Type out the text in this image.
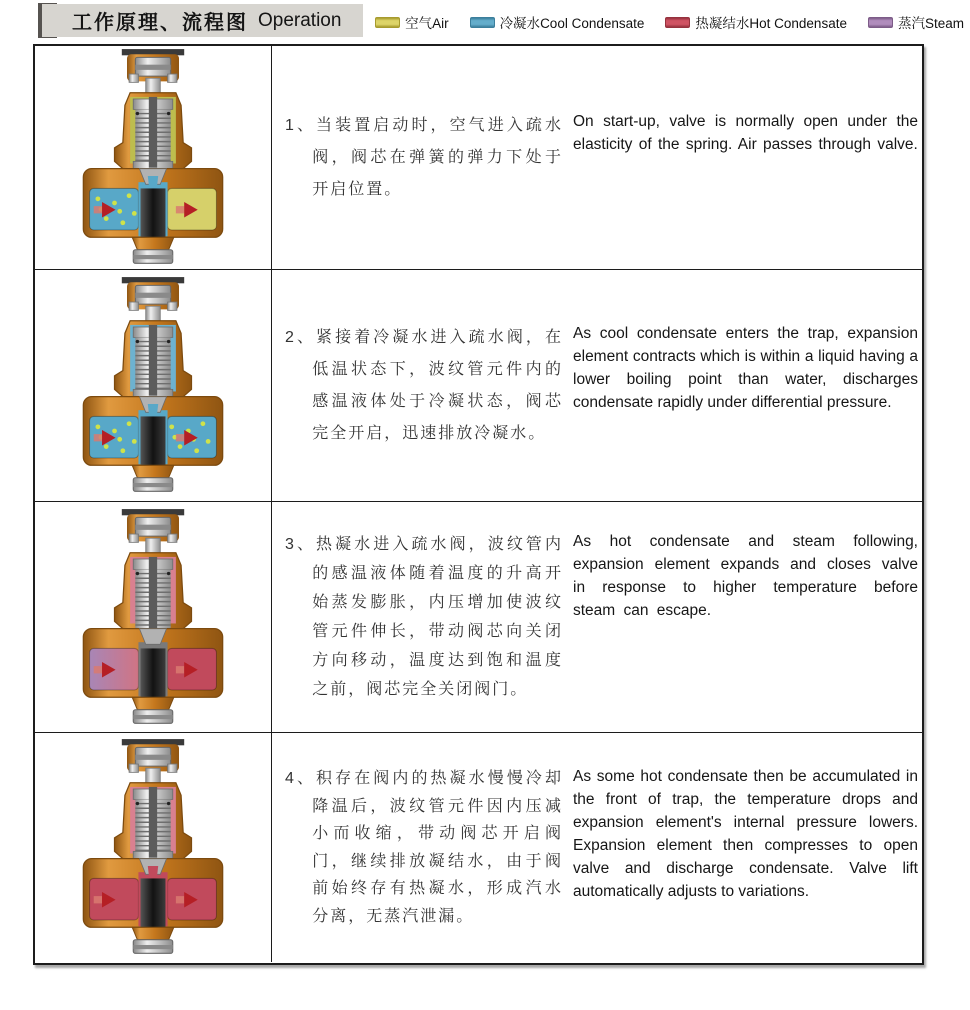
工作原理、流程图 Operation	空气Air	冷凝水Cool Condensate	热凝结水Hot Condensate	蒸汽Steam

1、当装置启动时，空气进入疏水阀，阀芯在弹簧的弹力下处于开启位置。

On start-up, valve is normally open under the elasticity of the spring. Air passes through valve.

2、紧接着冷凝水进入疏水阀，在低温状态下，波纹管元件内的感温液体处于冷凝状态，阀芯完全开启，迅速排放冷凝水。

As cool condensate enters the trap, expansion element contracts which is within a liquid having a lower boiling point than water, discharges condensate rapidly under differential pressure.

3、热凝水进入疏水阀，波纹管内的感温液体随着温度的升高开始蒸发膨胀，内压增加使波纹管元件伸长，带动阀芯向关闭方向移动，温度达到饱和温度之前，阀芯完全关闭阀门。

As hot condensate and steam following, expansion element expands and closes valve in response to higher temperature before steam can escape.

4、积存在阀内的热凝水慢慢冷却降温后，波纹管元件因内压减小而收缩，带动阀芯开启阀门，继续排放凝结水，由于阀前始终存有热凝水，形成汽水分离，无蒸汽泄漏。

As some hot condensate then be accumulated in the front of trap, the temperature drops and expansion element's internal pressure lowers. Expansion element then compresses to open valve and discharge condensate. Valve lift automatically adjusts to variations.
